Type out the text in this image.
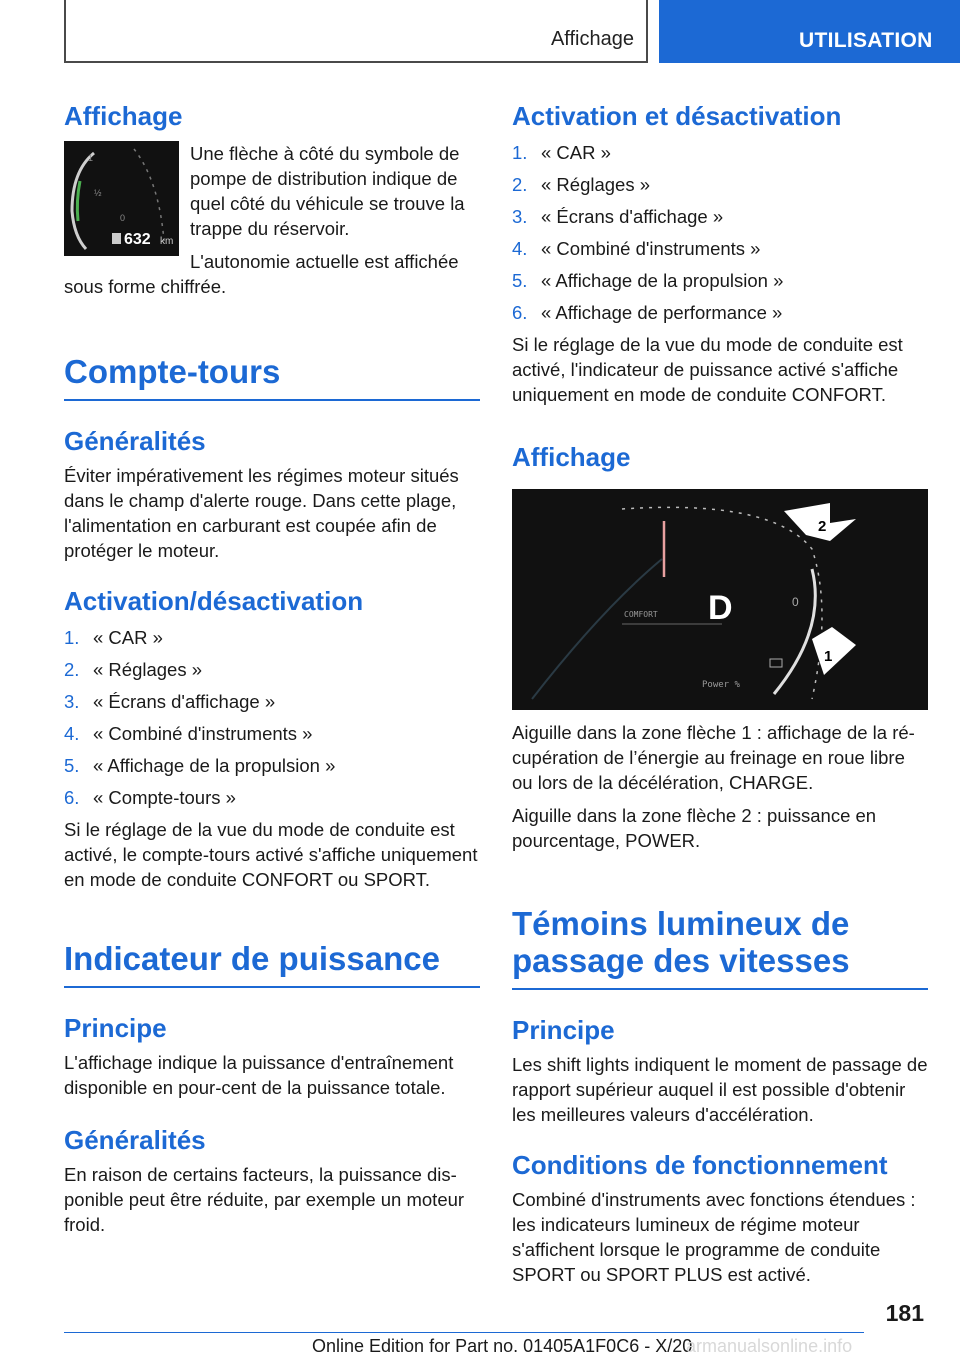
Affichage	UTILISATION
Affichage
1
½
0
632 km

Une flèche à côté du symbole de pompe de distribution indique de quel côté du véhicule se trouve la trappe du réservoir.

L'autonomie actuelle est affichée sous forme chiffrée.

Compte-tours
Généralités

Éviter impérativement les régimes moteur situés dans le champ d'alerte rouge. Dans cette plage, l'alimentation en carburant est coupée afin de protéger le moteur.

Activation/désactivation
1. « CAR »
2. « Réglages »
3. « Écrans d'affichage »
4. « Combiné d'instruments »
5. « Affichage de la propulsion »
6. « Compte-tours »

Si le réglage de la vue du mode de conduite est activé, le compte-tours activé s'affiche uniquement en mode de conduite CONFORT ou SPORT.

Indicateur de puissance
Principe

L'affichage indique la puissance d'entraînement disponible en pour-cent de la puissance totale.

Généralités

En raison de certains facteurs, la puissance disponible peut être réduite, par exemple un moteur froid.

Activation et désactivation
1. « CAR »
2. « Réglages »
3. « Écrans d'affichage »
4. « Combiné d'instruments »
5. « Affichage de la propulsion »
6. « Affichage de performance »

Si le réglage de la vue du mode de conduite est activé, l'indicateur de puissance activé s'affiche uniquement en mode de conduite CONFORT.

Affichage
D
COMFORT
Power %
0
2
1

Aiguille dans la zone flèche 1 : affichage de la récupération de l’énergie au freinage en roue libre ou lors de la décélération, CHARGE.

Aiguille dans la zone flèche 2 : puissance en pourcentage, POWER.

Témoins lumineux de
passage des vitesses
Principe

Les shift lights indiquent le moment de passage de rapport supérieur auquel il est possible d'obtenir les meilleures valeurs d'accélération.

Conditions de fonctionnement

Combiné d'instruments avec fonctions étendues : les indicateurs lumineux de régime moteur s'affichent lorsque le programme de conduite SPORT ou SPORT PLUS est activé.

181
Online Edition for Part no. 01405A1F0C6 - X/20
armanualsonline.info
